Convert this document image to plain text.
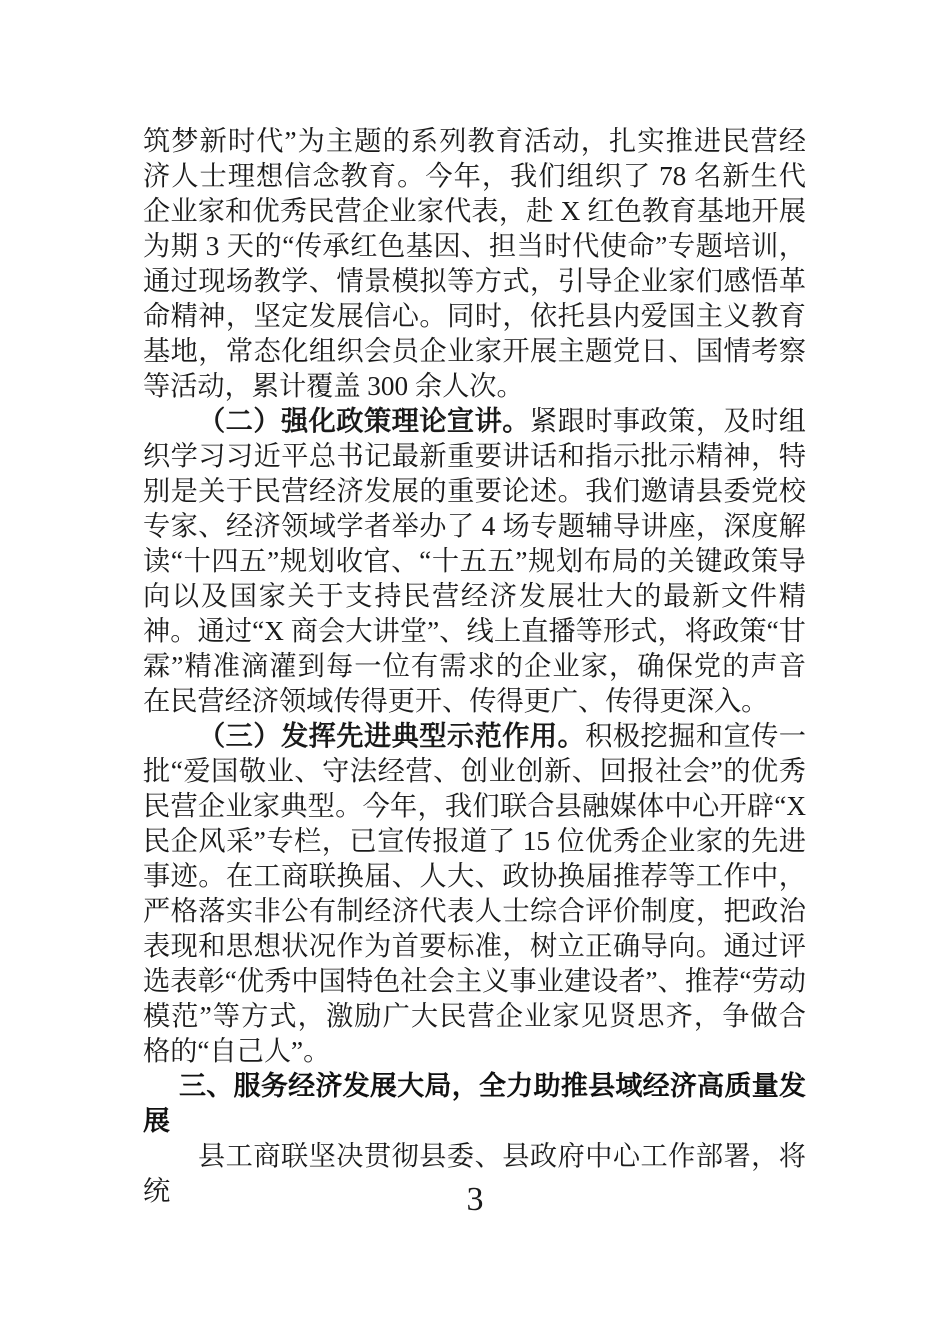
筑梦新时代”为主题的系列教育活动，扎实推进民营经济人士理想信念教育。今年，我们组织了 78 名新生代企业家和优秀民营企业家代表，赴 X 红色教育基地开展为期 3 天的“传承红色基因、担当时代使命”专题培训，通过现场教学、情景模拟等方式，引导企业家们感悟革命精神，坚定发展信心。同时，依托县内爱国主义教育基地，常态化组织会员企业家开展主题党日、国情考察等活动，累计覆盖 300 余人次。

（二）强化政策理论宣讲。紧跟时事政策，及时组织学习习近平总书记最新重要讲话和指示批示精神，特别是关于民营经济发展的重要论述。我们邀请县委党校专家、经济领域学者举办了 4 场专题辅导讲座，深度解读“十四五”规划收官、“十五五”规划布局的关键政策导向以及国家关于支持民营经济发展壮大的最新文件精神。通过“X 商会大讲堂”、线上直播等形式，将政策“甘霖”精准滴灌到每一位有需求的企业家，确保党的声音在民营经济领域传得更开、传得更广、传得更深入。

（三）发挥先进典型示范作用。积极挖掘和宣传一批“爱国敬业、守法经营、创业创新、回报社会”的优秀民营企业家典型。今年，我们联合县融媒体中心开辟“X 民企风采”专栏，已宣传报道了 15 位优秀企业家的先进事迹。在工商联换届、人大、政协换届推荐等工作中，严格落实非公有制经济代表人士综合评价制度，把政治表现和思想状况作为首要标准，树立正确导向。通过评选表彰“优秀中国特色社会主义事业建设者”、推荐“劳动模范”等方式，激励广大民营企业家见贤思齐，争做合格的“自己人”。

三、服务经济发展大局，全力助推县域经济高质量发展

县工商联坚决贯彻县委、县政府中心工作部署，将统	3
